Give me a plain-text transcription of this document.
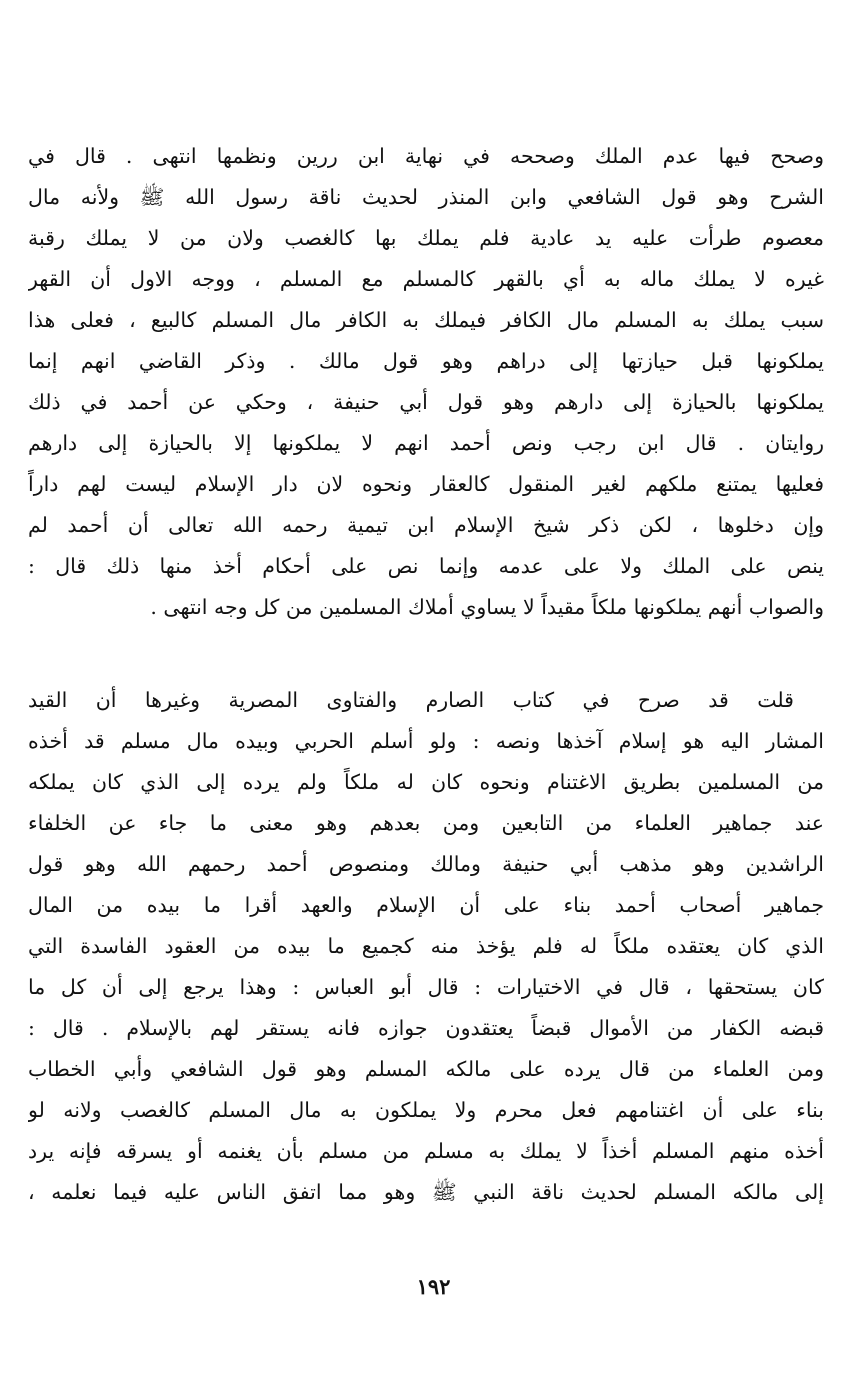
وصحح فيها عدم الملك وصححه في نهاية ابن ررين ونظمها انتهى . قال في
الشرح وهو قول الشافعي وابن المنذر لحديث ناقة رسول الله ﷺ ولأنه مال
معصوم طرأت عليه يد عادية فلم يملك بها كالغصب ولان من لا يملك رقبة
غيره لا يملك ماله به أي بالقهر كالمسلم مع المسلم ، ووجه الاول أن القهر
سبب يملك به المسلم مال الكافر فيملك به الكافر مال المسلم كالبيع ، فعلى هذا
يملكونها قبل حيازتها إلى دراهم وهو قول مالك . وذكر القاضي انهم إنما
يملكونها بالحيازة إلى دارهم وهو قول أبي حنيفة ، وحكي عن أحمد في ذلك
روايتان . قال ابن رجب ونص أحمد انهم لا يملكونها إلا بالحيازة إلى دارهم
فعليها يمتنع ملكهم لغير المنقول كالعقار ونحوه لان دار الإسلام ليست لهم داراً
وإن دخلوها ، لكن ذكر شيخ الإسلام ابن تيمية رحمه الله تعالى أن أحمد لم
ينص على الملك ولا على عدمه وإنما نص على أحكام أخذ منها ذلك قال :
والصواب أنهم يملكونها ملكاً مقيداً لا يساوي أملاك المسلمين من كل وجه انتهى .
قلت قد صرح في كتاب الصارم والفتاوى المصرية وغيرها أن القيد
المشار اليه هو إسلام آخذها ونصه : ولو أسلم الحربي وبيده مال مسلم قد أخذه
من المسلمين بطريق الاغتنام ونحوه كان له ملكاً ولم يرده إلى الذي كان يملكه
عند جماهير العلماء من التابعين ومن بعدهم وهو معنى ما جاء عن الخلفاء
الراشدين وهو مذهب أبي حنيفة ومالك ومنصوص أحمد رحمهم الله وهو قول
جماهير أصحاب أحمد بناء على أن الإسلام والعهد أقرا ما بيده من المال
الذي كان يعتقده ملكاً له فلم يؤخذ منه كجميع ما بيده من العقود الفاسدة التي
كان يستحقها ، قال في الاختيارات : قال أبو العباس : وهذا يرجع إلى أن كل ما
قبضه الكفار من الأموال قبضاً يعتقدون جوازه فانه يستقر لهم بالإسلام . قال :
ومن العلماء من قال يرده على مالكه المسلم وهو قول الشافعي وأبي الخطاب
بناء على أن اغتنامهم فعل محرم ولا يملكون به مال المسلم كالغصب ولانه لو
أخذه منهم المسلم أخذاً لا يملك به مسلم من مسلم بأن يغنمه أو يسرقه فإنه يرد
إلى مالكه المسلم لحديث ناقة النبي ﷺ وهو مما اتفق الناس عليه فيما نعلمه ،
١٩٢
